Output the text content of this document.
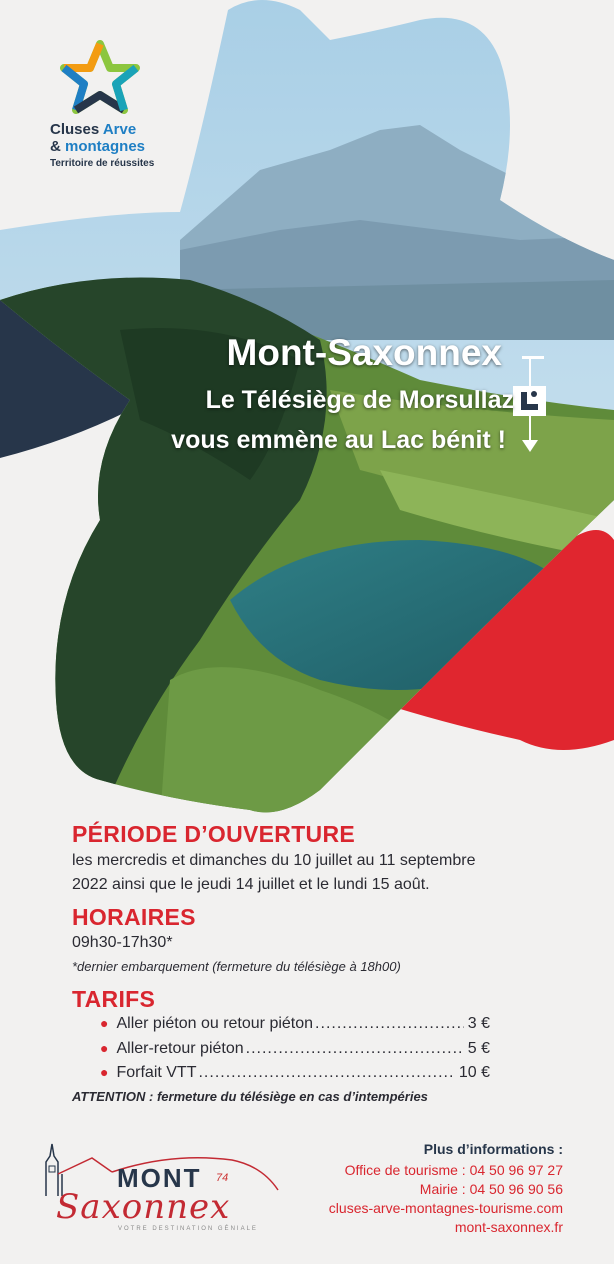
Cluses Arve
& montagnes
Territoire de réussites
Mont-Saxonnex
Le Télésiège de Morsullaz
vous emmène au Lac bénit !
PÉRIODE D’OUVERTURE
les mercredis et dimanches du 10 juillet au 11 septembre
2022 ainsi que le jeudi 14 juillet et le lundi 15 août.
HORAIRES
09h30-17h30*
*dernier embarquement (fermeture du télésiège à 18h00)
TARIFS
● Aller piéton ou retour piéton .....	3 €
● Aller-retour piéton .....	5 €
● Forfait VTT .....	10 €
ATTENTION : fermeture du télésiège en cas d’intempéries
MONT 74
Saxonnex
VOTRE DESTINATION GÉNIALE
Plus d’informations :
Office de tourisme : 04 50 96 97 27
Mairie : 04 50 96 90 56
cluses-arve-montagnes-tourisme.com
mont-saxonnex.fr
